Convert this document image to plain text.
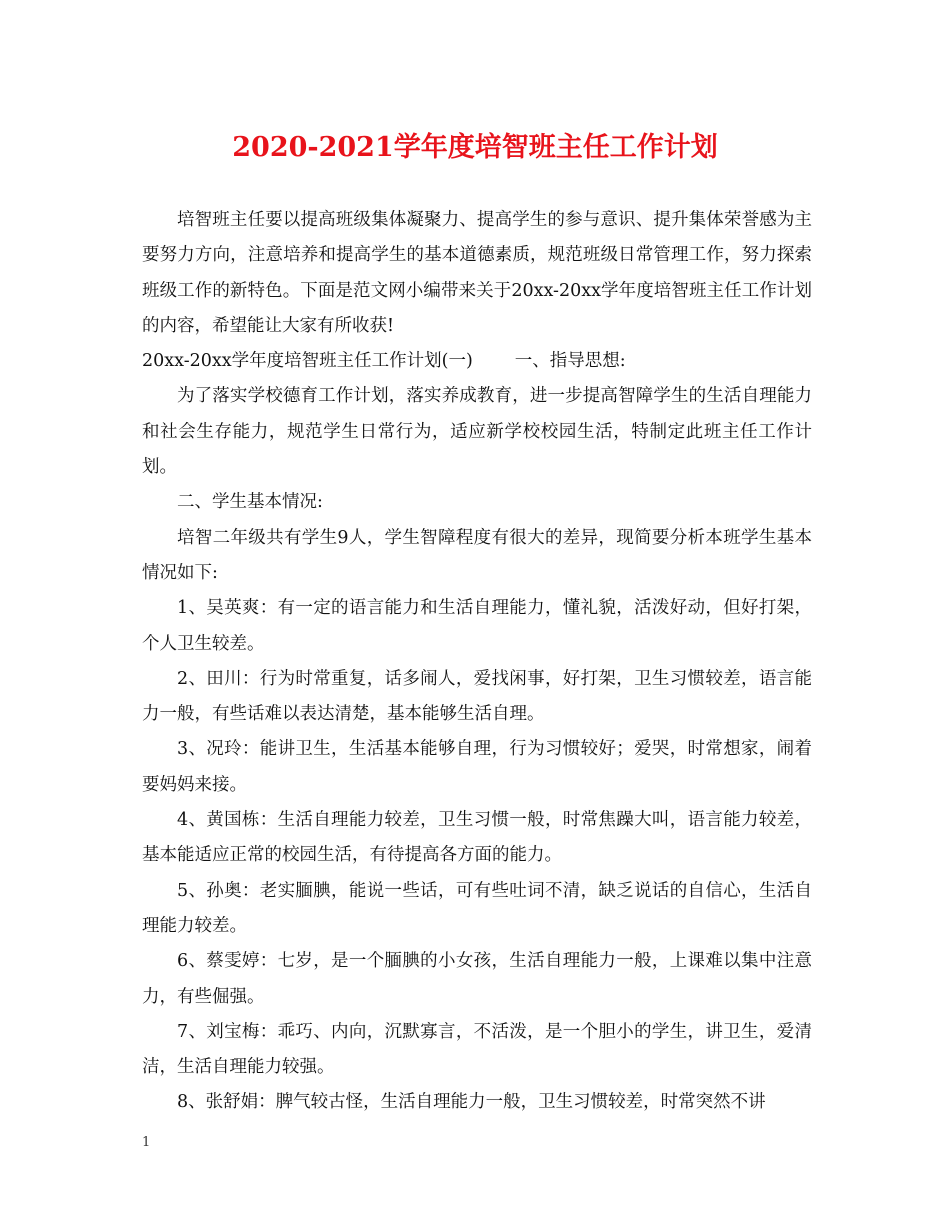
2020-2021学年度培智班主任工作计划

培智班主任要以提高班级集体凝聚力、提高学生的参与意识、提升集体荣誉感为主要努力方向，注意培养和提高学生的基本道德素质，规范班级日常管理工作，努力探索班级工作的新特色。下面是范文网小编带来关于20xx-20xx学年度培智班主任工作计划的内容，希望能让大家有所收获!

20xx-20xx学年度培智班主任工作计划(一) 一、指导思想:

为了落实学校德育工作计划，落实养成教育，进一步提高智障学生的生活自理能力和社会生存能力，规范学生日常行为，适应新学校校园生活，特制定此班主任工作计划。

二、学生基本情况:

培智二年级共有学生9人，学生智障程度有很大的差异，现简要分析本班学生基本情况如下:

1、吴英爽：有一定的语言能力和生活自理能力，懂礼貌，活泼好动，但好打架，个人卫生较差。

2、田川：行为时常重复，话多闹人，爱找闲事，好打架，卫生习惯较差，语言能力一般，有些话难以表达清楚，基本能够生活自理。

3、况玲：能讲卫生，生活基本能够自理，行为习惯较好；爱哭，时常想家，闹着要妈妈来接。

4、黄国栋：生活自理能力较差，卫生习惯一般，时常焦躁大叫，语言能力较差，基本能适应正常的校园生活，有待提高各方面的能力。

5、孙奥：老实腼腆，能说一些话，可有些吐词不清，缺乏说话的自信心，生活自理能力较差。

6、蔡雯婷：七岁，是一个腼腆的小女孩，生活自理能力一般，上课难以集中注意力，有些倔强。

7、刘宝梅：乖巧、内向，沉默寡言，不活泼，是一个胆小的学生，讲卫生，爱清洁，生活自理能力较强。

8、张舒娟：脾气较古怪，生活自理能力一般，卫生习惯较差，时常突然不讲

1
